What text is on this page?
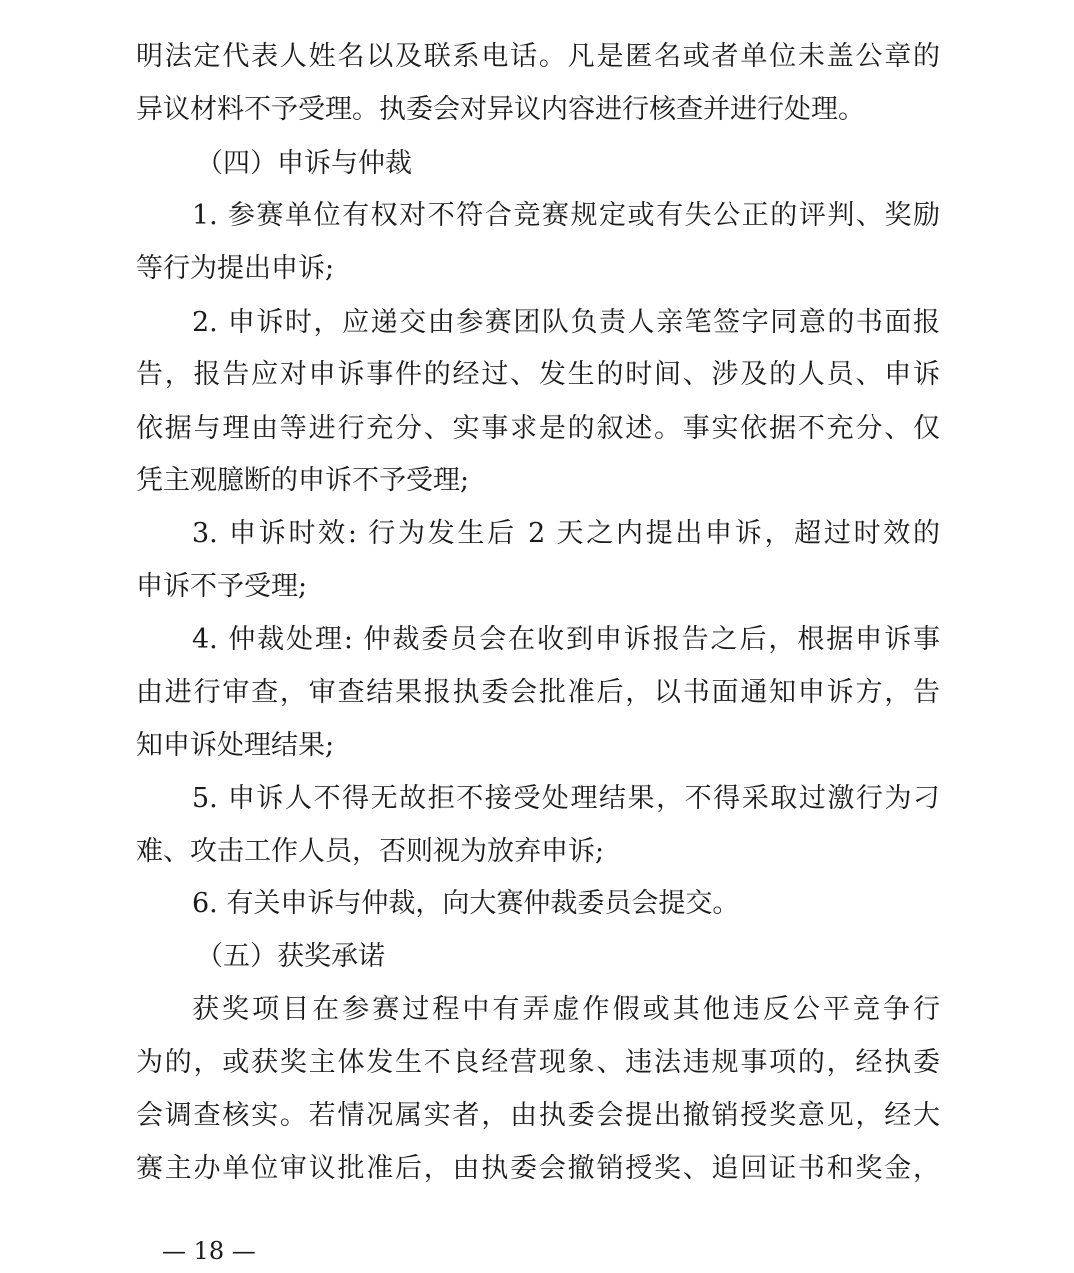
明法定代表人姓名以及联系电话。凡是匿名或者单位未盖公章的
异议材料不予受理。执委会对异议内容进行核查并进行处理。
（四）申诉与仲裁
1. 参赛单位有权对不符合竞赛规定或有失公正的评判、奖励
等行为提出申诉;
2. 申诉时，应递交由参赛团队负责人亲笔签字同意的书面报
告，报告应对申诉事件的经过、发生的时间、涉及的人员、申诉
依据与理由等进行充分、实事求是的叙述。事实依据不充分、仅
凭主观臆断的申诉不予受理;
3. 申诉时效: 行为发生后 2 天之内提出申诉，超过时效的
申诉不予受理;
4. 仲裁处理: 仲裁委员会在收到申诉报告之后，根据申诉事
由进行审查，审查结果报执委会批准后，以书面通知申诉方，告
知申诉处理结果;
5. 申诉人不得无故拒不接受处理结果，不得采取过激行为刁
难、攻击工作人员，否则视为放弃申诉;
6. 有关申诉与仲裁，向大赛仲裁委员会提交。
（五）获奖承诺
获奖项目在参赛过程中有弄虚作假或其他违反公平竞争行
为的，或获奖主体发生不良经营现象、违法违规事项的，经执委
会调查核实。若情况属实者，由执委会提出撤销授奖意见，经大
赛主办单位审议批准后，由执委会撤销授奖、追回证书和奖金，
— 18 —
